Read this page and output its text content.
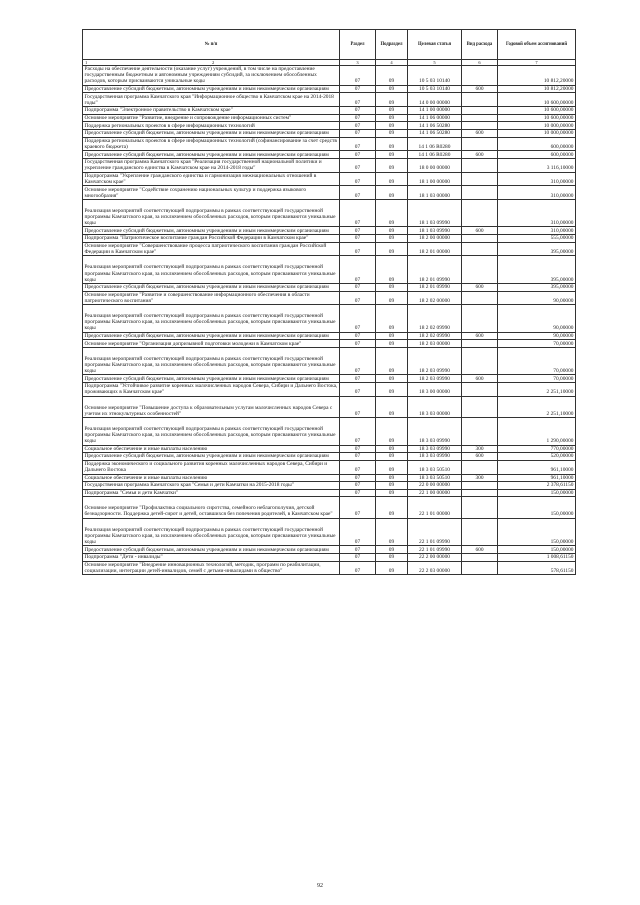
№ п/п	Раздел	Подраздел	Целевая статья	Вид расхода	Годовой объем ассигнований

1 2	3	4	5	6	7
Расходы на обеспечение деятельности (оказание услуг) учреждений, в том числе на предоставление государственным бюджетным и автономным учреждениям субсидий, за исключением обособленных расходов, которым присваиваются уникальные коды	07	09	10 5 03 10140		10 812,20000
Предоставление субсидий бюджетным, автономным учреждениям и иным некоммерческим организациям	07	09	10 5 03 10140	600	10 812,20000
Государственная программа Камчатского края "Информационное общество в Камчатском крае на 2014-2018 годы"	07	09	14 0 00 00000		10 600,00000
Подпрограмма "Электронное правительство в Камчатском крае"	07	09	14 1 00 00000		10 600,00000
Основное мероприятие "Развитие, внедрение и сопровождение информационных систем"	07	09	14 1 06 00000		10 600,00000
Поддержка региональных проектов в сфере информационных технологий	07	09	14 1 06 50280		10 000,00000
Предоставление субсидий бюджетным, автономным учреждениям и иным некоммерческим организациям	07	09	14 1 06 50280	600	10 000,00000
Поддержка региональных проектов в сфере информационных технологий (софинансирование за счет средств краевого бюджета)	07	09	14 1 06 R0280		600,00000
Предоставление субсидий бюджетным, автономным учреждениям и иным некоммерческим организациям	07	09	14 1 06 R0280	600	600,00000
Государственная программа Камчатского края "Реализация государственной национальной политики и укрепление гражданского единства в Камчатском крае на 2014-2018 годы"	07	09	18 0 00 00000		3 116,10000
Подпрограмма "Укрепление гражданского единства и гармонизация межнациональных отношений в Камчатском крае"	07	09	18 1 00 00000		310,00000
Основное мероприятие "Содействие сохранению национальных культур и поддержка языкового многообразия"	07	09	18 1 03 00000		310,00000
Реализация мероприятий соответствующей подпрограммы в рамках соответствующей государственной программы Камчатского края, за исключением обособленных расходов, которым присваиваются уникальные коды	07	09	18 1 03 09990		310,00000
Предоставление субсидий бюджетным, автономным учреждениям и иным некоммерческим организациям	07	09	18 1 03 09990	600	310,00000
Подпрограмма "Патриотическое воспитание граждан Российской Федерации в Камчатском крае"	07	09	18 2 00 00000		555,00000
Основное мероприятие "Совершенствование процесса патриотического воспитания граждан Российской Федерации в Камчатском крае"	07	09	18 2 01 00000		395,00000
Реализация мероприятий соответствующей подпрограммы в рамках соответствующей государственной программы Камчатского края, за исключением обособленных расходов, которым присваиваются уникальные коды	07	09	18 2 01 09990		395,00000
Предоставление субсидий бюджетным, автономным учреждениям и иным некоммерческим организациям	07	09	18 2 01 09990	600	395,00000
Основное мероприятие "Развитие и совершенствование информационного обеспечения в области патриотического воспитания"	07	09	18 2 02 00000		90,00000
Реализация мероприятий соответствующей подпрограммы в рамках соответствующей государственной программы Камчатского края, за исключением обособленных расходов, которым присваиваются уникальные коды	07	09	18 2 02 09990		90,00000
Предоставление субсидий бюджетным, автономным учреждениям и иным некоммерческим организациям	07	09	18 2 02 09990	600	90,00000
Основное мероприятие "Организация допризывной подготовки молодежи в Камчатском крае"	07	09	18 2 03 00000		70,00000
Реализация мероприятий соответствующей подпрограммы в рамках соответствующей государственной программы Камчатского края, за исключением обособленных расходов, которым присваиваются уникальные коды	07	09	18 2 03 09990		70,00000
Предоставление субсидий бюджетным, автономным учреждениям и иным некоммерческим организациям	07	09	18 2 03 09990	600	70,00000
Подпрограмма "Устойчивое развитие коренных малочисленных народов Севера, Сибири и Дальнего Востока, проживающих в Камчатском крае"	07	09	18 3 00 00000		2 251,10000
Основное мероприятие "Повышение доступа к образовательным услугам малочисленных народов Севера с учетом их этнокультурных особенностей"	07	09	18 3 03 00000		2 251,10000
Реализация мероприятий соответствующей подпрограммы в рамках соответствующей государственной программы Камчатского края, за исключением обособленных расходов, которым присваиваются уникальные коды	07	09	18 3 03 09990		1 290,00000
Социальное обеспечение и иные выплаты населению	07	09	18 3 03 09990	300	770,00000
Предоставление субсидий бюджетным, автономным учреждениям и иным некоммерческим организациям	07	09	18 3 03 09990	600	520,00000
Поддержка экономического и социального развития коренных малочисленных народов Севера, Сибири и Дальнего Востока	07	09	18 3 03 50510		961,10000
Социальное обеспечение и иные выплаты населению	07	09	18 3 03 50510	300	961,10000
Государственная программа Камчатского края "Семья и дети Камчатки на 2015-2018 годы"	07	09	22 0 00 00000		2 378,61150
Подпрограмма "Семья и дети Камчатки"	07	09	22 1 00 00000		150,00000
Основное мероприятие "Профилактика социального сиротства, семейного неблагополучия, детской безнадзорности. Поддержка детей-сирот и детей, оставшихся без попечения родителей, в Камчатском крае"	07	09	22 1 01 00000		150,00000
Реализация мероприятий соответствующей подпрограммы в рамках соответствующей государственной программы Камчатского края, за исключением обособленных расходов, которым присваиваются уникальные коды	07	09	22 1 01 09990		150,00000
Предоставление субсидий бюджетным, автономным учреждениям и иным некоммерческим организациям	07	09	22 1 01 09990	600	150,00000
Подпрограмма "Дети - инвалиды"	07	09	22 2 00 00000		1 008,61150
Основное мероприятие "Внедрение инновационных технологий, методик, программ по реабилитации, социализации, интеграции детей-инвалидов, семей с детьми-инвалидами в общество"	07	09	22 2 03 00000		578,61150
92
